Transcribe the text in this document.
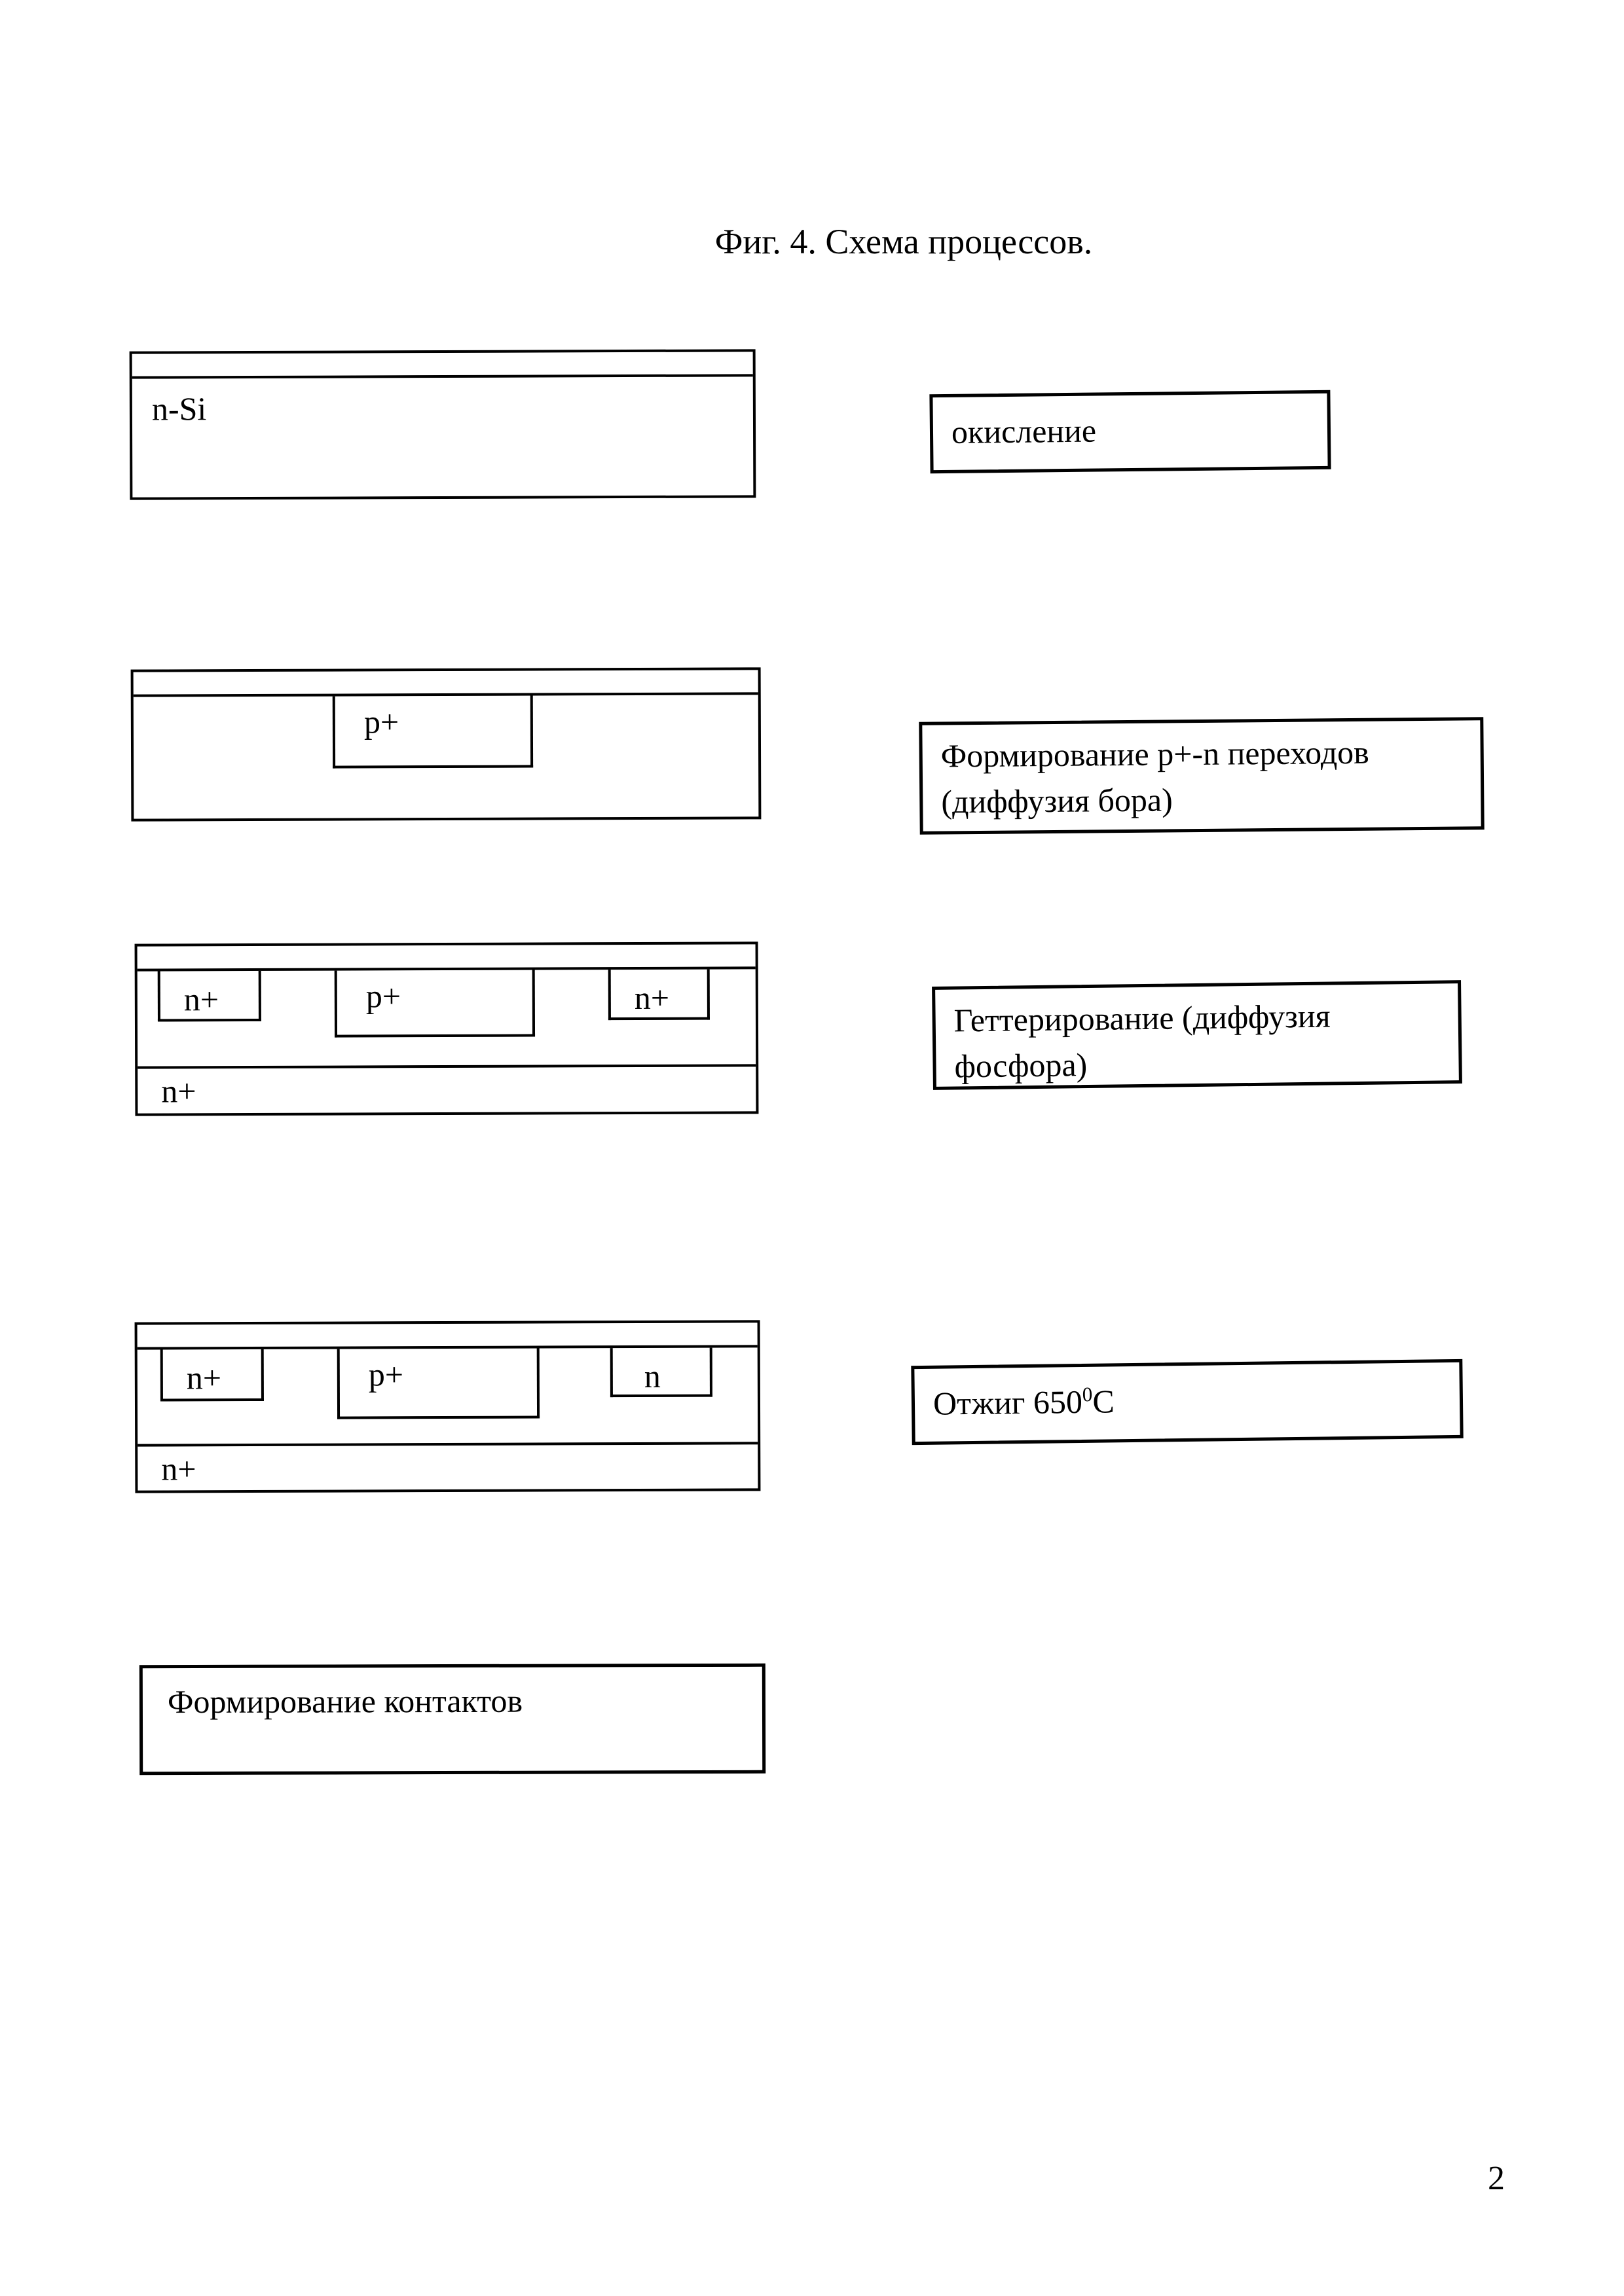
Фиг. 4. Схема процессов.
n-Si
окисление
p+
Формирование p+-n переходов
(диффузия бора)
n+	p+	n+
n+
Геттерирование (диффузия
фосфора)
n+	p+	n
n+
Отжиг $650^0С$
Формирование контактов
2
